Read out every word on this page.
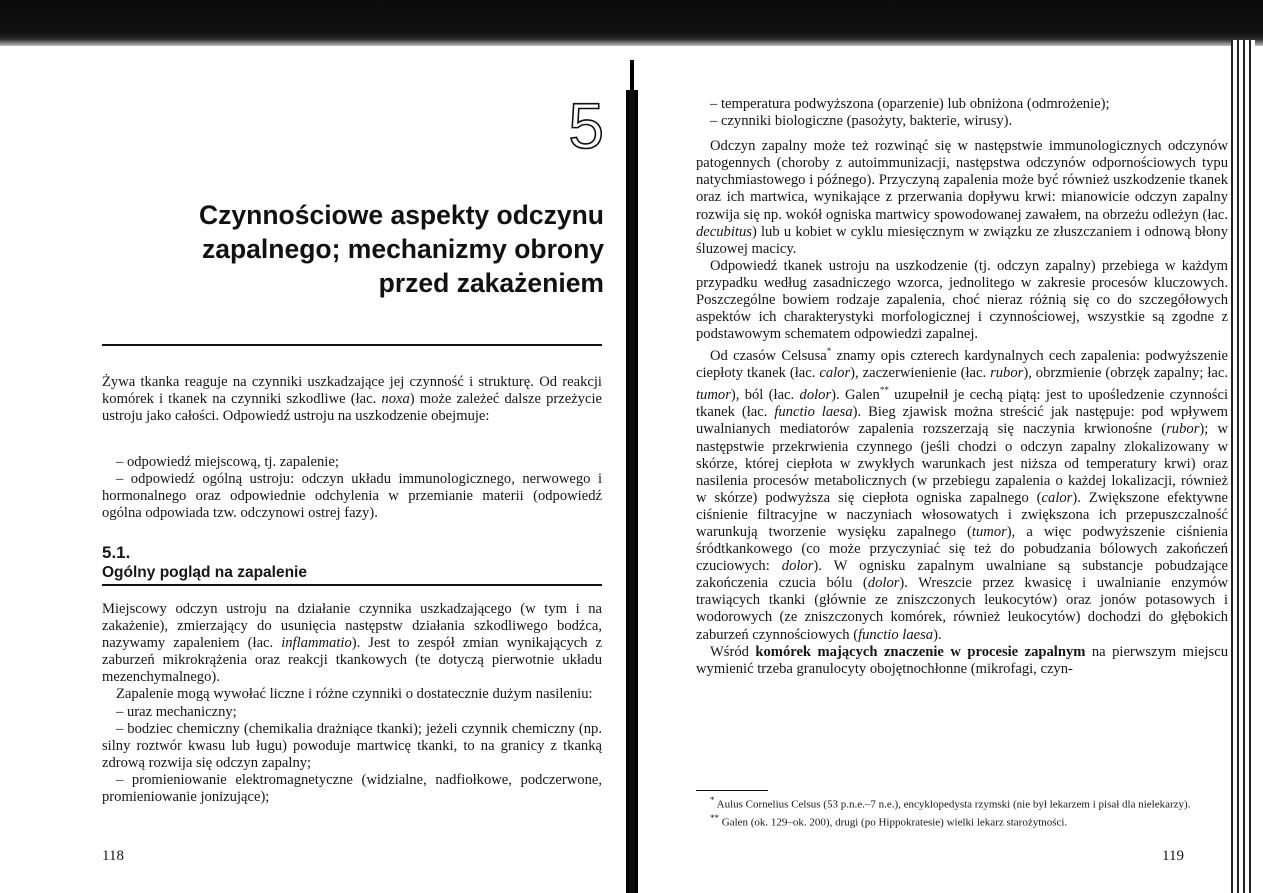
5
Czynnościowe aspekty odczynu
zapalnego; mechanizmy obrony
przed zakażeniem
Żywa tkanka reaguje na czynniki uszkadzające jej czynność i strukturę. Od reakcji komórek i tkanek na czynniki szkodliwe (łac. noxa) może zależeć dalsze przeżycie ustroju jako całości. Odpowiedź ustroju na uszkodzenie obejmuje:

– odpowiedź miejscową, tj. zapalenie;

– odpowiedź ogólną ustroju: odczyn układu immunologicznego, nerwowego i hormonalnego oraz odpowiednie odchylenia w przemianie materii (odpowiedź ogólna odpowiada tzw. odczynowi ostrej fazy).

5.1.
Ogólny pogląd na zapalenie

Miejscowy odczyn ustroju na działanie czynnika uszkadzającego (w tym i na zakażenie), zmierzający do usunięcia następstw działania szkodliwego bodźca, nazywamy zapaleniem (łac. inflammatio). Jest to zespół zmian wynikających z zaburzeń mikrokrążenia oraz reakcji tkankowych (te dotyczą pierwotnie układu mezenchymalnego).

Zapalenie mogą wywołać liczne i różne czynniki o dostatecznie dużym nasileniu:

– uraz mechaniczny;

– bodziec chemiczny (chemikalia drażniące tkanki); jeżeli czynnik chemiczny (np. silny roztwór kwasu lub ługu) powoduje martwicę tkanki, to na granicy z tkanką zdrową rozwija się odczyn zapalny;

– promieniowanie elektromagnetyczne (widzialne, nadfiołkowe, podczerwone, promieniowanie jonizujące);

118

– temperatura podwyższona (oparzenie) lub obniżona (odmrożenie);

– czynniki biologiczne (pasożyty, bakterie, wirusy).

Odczyn zapalny może też rozwinąć się w następstwie immunologicznych odczynów patogennych (choroby z autoimmunizacji, następstwa odczynów odpornościowych typu natychmiastowego i późnego). Przyczyną zapalenia może być również uszkodzenie tkanek oraz ich martwica, wynikające z przerwania dopływu krwi: mianowicie odczyn zapalny rozwija się np. wokół ogniska martwicy spowodowanej zawałem, na obrzeżu odleżyn (łac. decubitus) lub u kobiet w cyklu miesięcznym w związku ze złuszczaniem i odnową błony śluzowej macicy.

Odpowiedź tkanek ustroju na uszkodzenie (tj. odczyn zapalny) przebiega w każdym przypadku według zasadniczego wzorca, jednolitego w zakresie procesów kluczowych. Poszczególne bowiem rodzaje zapalenia, choć nieraz różnią się co do szczegółowych aspektów ich charakterystyki morfologicznej i czynnościowej, wszystkie są zgodne z podstawowym schematem odpowiedzi zapalnej.

Od czasów Celsusa* znamy opis czterech kardynalnych cech zapalenia: podwyższenie ciepłoty tkanek (łac. calor), zaczerwienienie (łac. rubor), obrzmienie (obrzęk zapalny; łac. tumor), ból (łac. dolor). Galen** uzupełnił je cechą piątą: jest to upośledzenie czynności tkanek (łac. functio laesa). Bieg zjawisk można streścić jak następuje: pod wpływem uwalnianych mediatorów zapalenia rozszerzają się naczynia krwionośne (rubor); w następstwie przekrwienia czynnego (jeśli chodzi o odczyn zapalny zlokalizowany w skórze, której ciepłota w zwykłych warunkach jest niższa od temperatury krwi) oraz nasilenia procesów metabolicznych (w przebiegu zapalenia o każdej lokalizacji, również w skórze) podwyższa się ciepłota ogniska zapalnego (calor). Zwiększone efektywne ciśnienie filtracyjne w naczyniach włosowatych i zwiększona ich przepuszczalność warunkują tworzenie wysięku zapalnego (tumor), a więc podwyższenie ciśnienia śródtkankowego (co może przyczyniać się też do pobudzania bólowych zakończeń czuciowych: dolor). W ognisku zapalnym uwalniane są substancje pobudzające zakończenia czucia bólu (dolor). Wreszcie przez kwasicę i uwalnianie enzymów trawiących tkanki (głównie ze zniszczonych leukocytów) oraz jonów potasowych i wodorowych (ze zniszczonych komórek, również leukocytów) dochodzi do głębokich zaburzeń czynnościowych (functio laesa).

Wśród komórek mających znaczenie w procesie zapalnym na pierwszym miejscu wymienić trzeba granulocyty obojętnochłonne (mikrofagi, czyn-

* Aulus Cornelius Celsus (53 p.n.e.–7 n.e.), encyklopedysta rzymski (nie był lekarzem i pisał dla nielekarzy).

** Galen (ok. 129–ok. 200), drugi (po Hippokratesie) wielki lekarz starożytności.

119
